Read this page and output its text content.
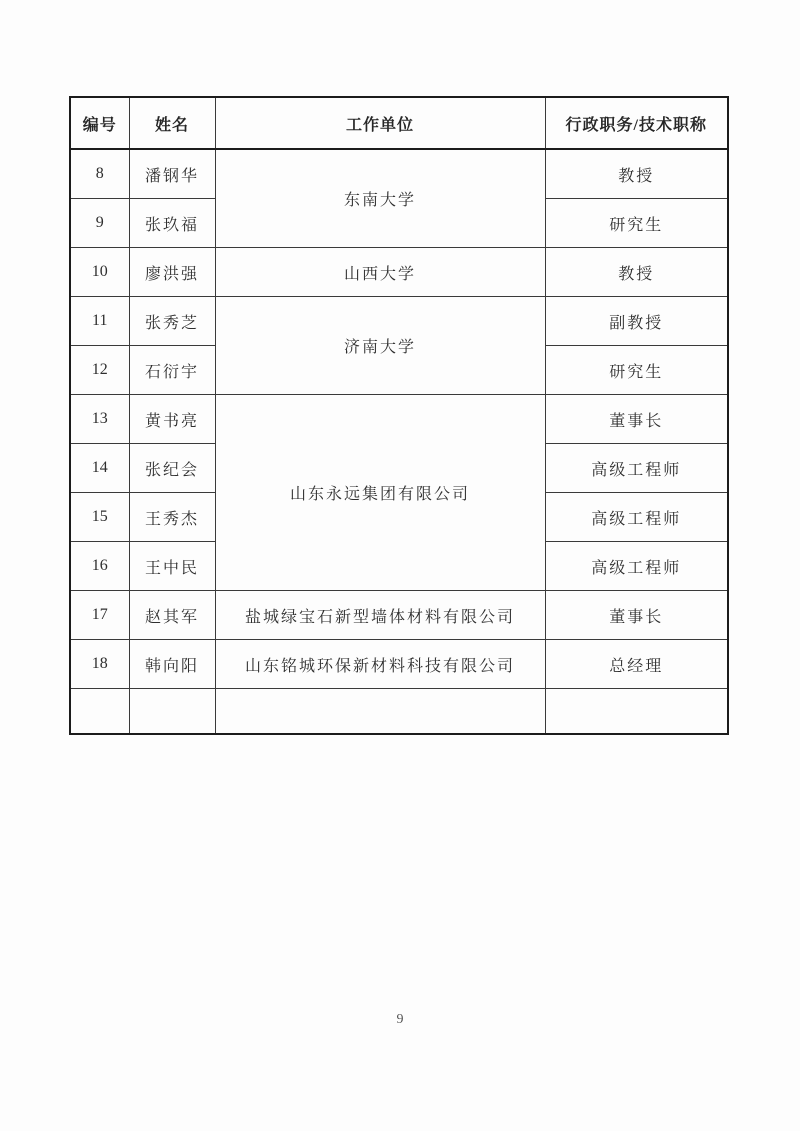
编号	姓名	工作单位	行政职务/技术职称
8	潘钢华	东南大学	教授
9	张玖福		研究生
10	廖洪强	山西大学	教授
11	张秀芝	济南大学	副教授
12	石衍宇		研究生
13	黄书亮	山东永远集团有限公司	董事长
14	张纪会		高级工程师
15	王秀杰		高级工程师
16	王中民		高级工程师
17	赵其军	盐城绿宝石新型墙体材料有限公司	董事长
18	韩向阳	山东铭城环保新材料科技有限公司	总经理

9
